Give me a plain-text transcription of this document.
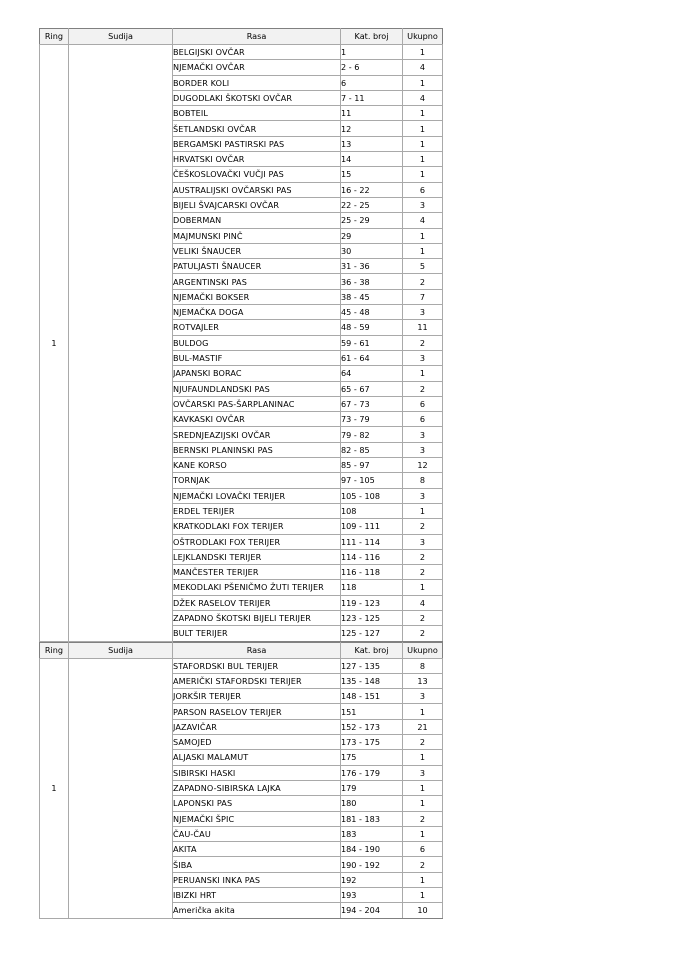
Ring	Sudija	Rasa	Kat. broj	Ukupno
1		BELGIJSKI OVČAR	1	1
		NJEMAČKI OVČAR	2 - 6	4
		BORDER KOLI	6	1
		DUGODLAKI ŠKOTSKI OVČAR	7 - 11	4
		BOBTEIL	11	1
		ŠETLANDSKI OVČAR	12	1
		BERGAMSKI PASTIRSKI PAS	13	1
		HRVATSKI OVČAR	14	1
		ČEŠKOSLOVAČKI VUČJI PAS	15	1
		AUSTRALIJSKI OVČARSKI PAS	16 - 22	6
		BIJELI ŠVAJCARSKI OVČAR	22 - 25	3
		DOBERMAN	25 - 29	4
		MAJMUNSKI PINČ	29	1
		VELIKI ŠNAUCER	30	1
		PATULJASTI ŠNAUCER	31 - 36	5
		ARGENTINSKI PAS	36 - 38	2
		NJEMAČKI BOKSER	38 - 45	7
		NJEMAČKA DOGA	45 - 48	3
		ROTVAJLER	48 - 59	11
		BULDOG	59 - 61	2
		BUL-MASTIF	61 - 64	3
		JAPANSKI BORAC	64	1
		NJUFAUNDLANDSKI PAS	65 - 67	2
		OVČARSKI PAS-ŠARPLANINAC	67 - 73	6
		KAVKASKI OVČAR	73 - 79	6
		SREDNJEAZIJSKI OVČAR	79 - 82	3
		BERNSKI PLANINSKI PAS	82 - 85	3
		KANE KORSO	85 - 97	12
		TORNJAK	97 - 105	8
		NJEMAČKI LOVAČKI TERIJER	105 - 108	3
		ERDEL TERIJER	108	1
		KRATKODLAKI FOX TERIJER	109 - 111	2
		OŠTRODLAKI FOX TERIJER	111 - 114	3
		LEJKLANDSKI TERIJER	114 - 116	2
		MANČESTER TERIJER	116 - 118	2
		MEKODLAKI PŠENIČMO ŽUTI TERIJER	118	1
		DŽEK RASELOV TERIJER	119 - 123	4
		ZAPADNO ŠKOTSKI BIJELI TERIJER	123 - 125	2
		BULT TERIJER	125 - 127	2
Ring	Sudija	Rasa	Kat. broj	Ukupno
1		STAFORDSKI BUL TERIJER	127 - 135	8
		AMERIČKI STAFORDSKI TERIJER	135 - 148	13
		JORKŠIR TERIJER	148 - 151	3
		PARSON RASELOV TERIJER	151	1
		JAZAVIČAR	152 - 173	21
		SAMOJED	173 - 175	2
		ALJASKI MALAMUT	175	1
		SIBIRSKI HASKI	176 - 179	3
		ZAPADNO-SIBIRSKA LAJKA	179	1
		LAPONSKI PAS	180	1
		NJEMAČKI ŠPIC	181 - 183	2
		ČAU-ČAU	183	1
		AKITA	184 - 190	6
		ŠIBA	190 - 192	2
		PERUANSKI INKA PAS	192	1
		IBIZKI HRT	193	1
		Američka akita	194 - 204	10
